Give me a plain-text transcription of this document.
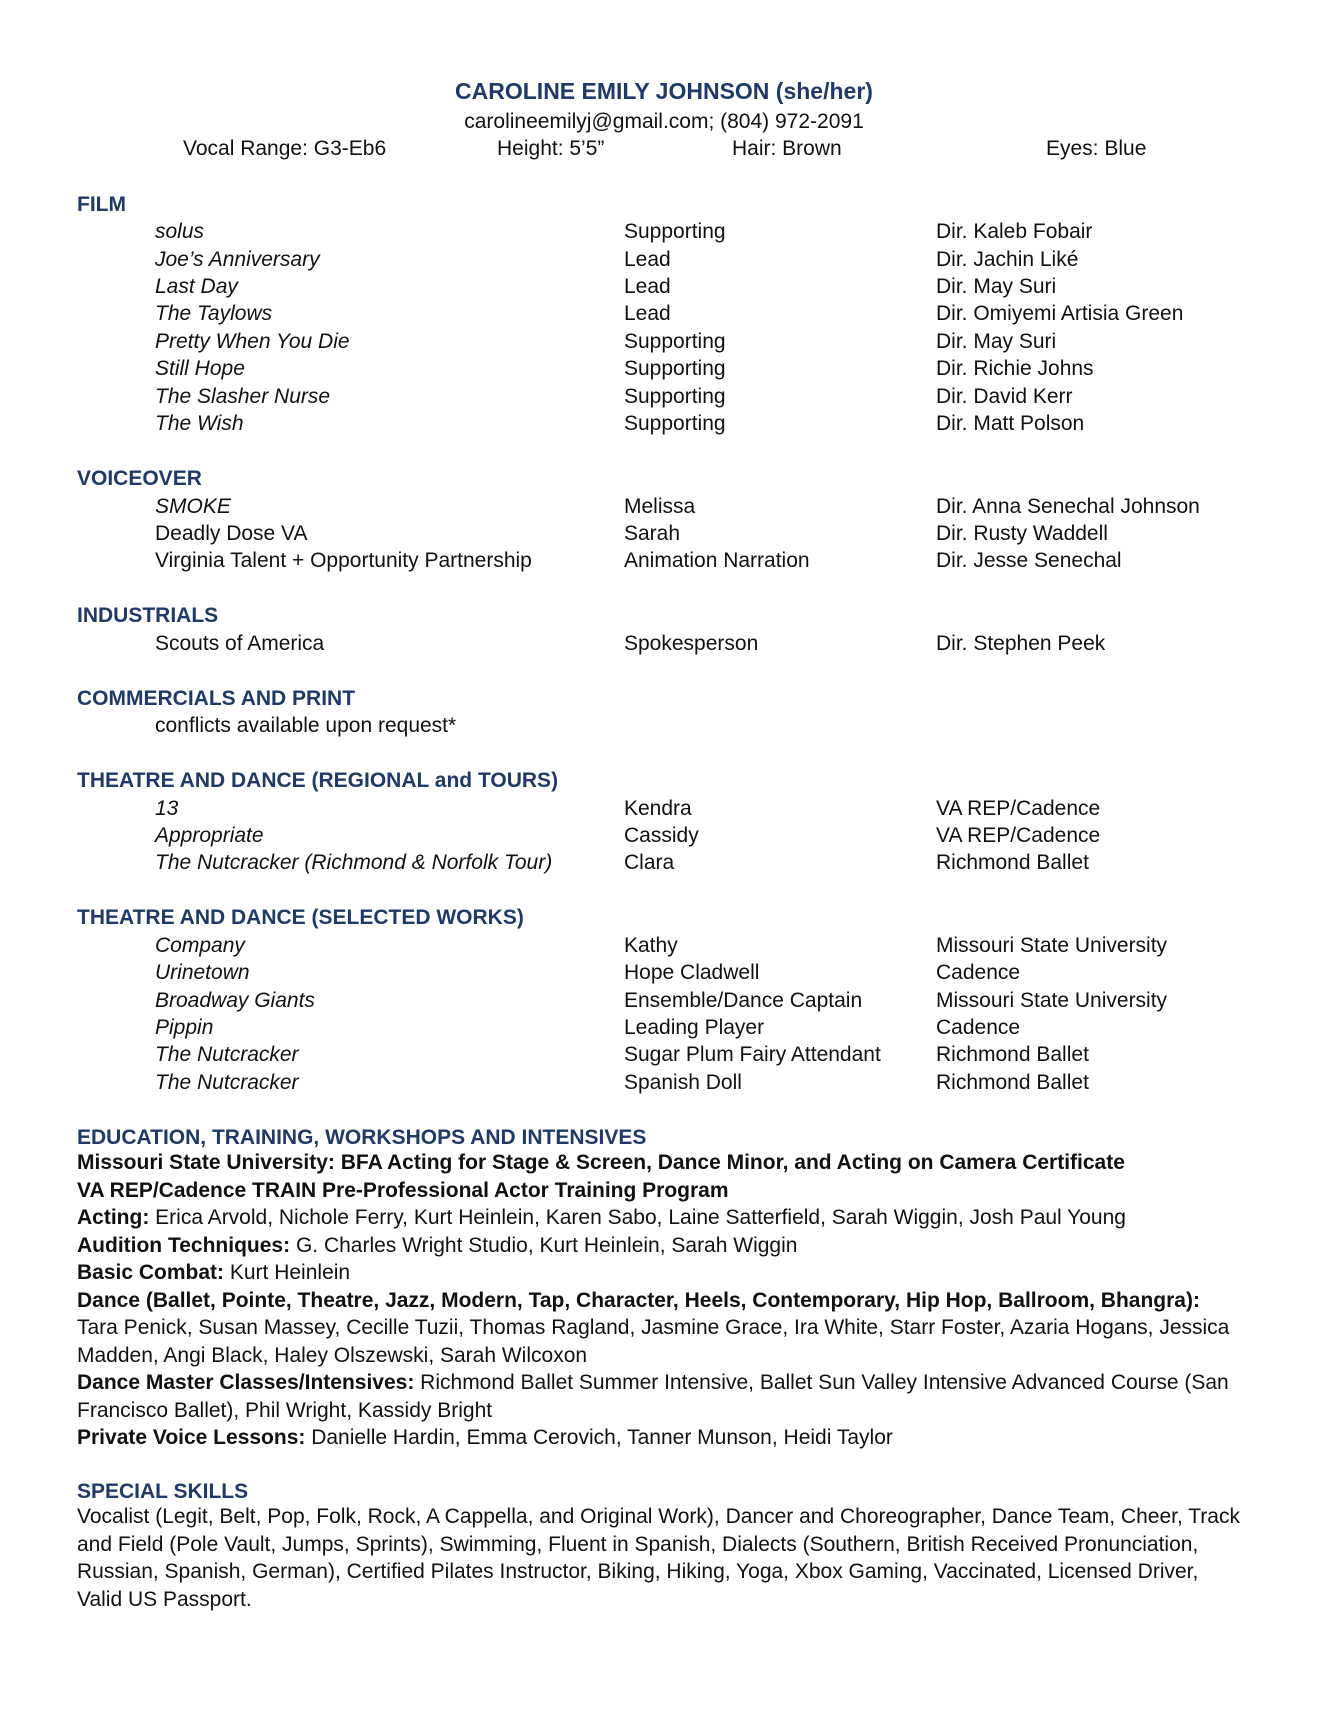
CAROLINE EMILY JOHNSON (she/her)
carolineemilyj@gmail.com; (804) 972-2091
Vocal Range: G3-Eb6	Height: 5’5”	Hair: Brown	Eyes: Blue
FILM
solus	Supporting	Dir. Kaleb Fobair
Joe’s Anniversary	Lead	Dir. Jachin Liké
Last Day	Lead	Dir. May Suri
The Taylows	Lead	Dir. Omiyemi Artisia Green
Pretty When You Die	Supporting	Dir. May Suri
Still Hope	Supporting	Dir. Richie Johns
The Slasher Nurse	Supporting	Dir. David Kerr
The Wish	Supporting	Dir. Matt Polson
VOICEOVER
SMOKE	Melissa	Dir. Anna Senechal Johnson
Deadly Dose VA	Sarah	Dir. Rusty Waddell
Virginia Talent + Opportunity Partnership	Animation Narration	Dir. Jesse Senechal
INDUSTRIALS
Scouts of America	Spokesperson	Dir. Stephen Peek
COMMERCIALS AND PRINT
conflicts available upon request*
THEATRE AND DANCE (REGIONAL and TOURS)
13	Kendra	VA REP/Cadence
Appropriate	Cassidy	VA REP/Cadence
The Nutcracker (Richmond & Norfolk Tour)	Clara	Richmond Ballet
THEATRE AND DANCE (SELECTED WORKS)
Company	Kathy	Missouri State University
Urinetown	Hope Cladwell	Cadence
Broadway Giants	Ensemble/Dance Captain	Missouri State University
Pippin	Leading Player	Cadence
The Nutcracker	Sugar Plum Fairy Attendant	Richmond Ballet
The Nutcracker	Spanish Doll	Richmond Ballet
EDUCATION, TRAINING, WORKSHOPS AND INTENSIVES

Missouri State University: BFA Acting for Stage & Screen, Dance Minor, and Acting on Camera Certificate

VA REP/Cadence TRAIN Pre-Professional Actor Training Program

Acting: Erica Arvold, Nichole Ferry, Kurt Heinlein, Karen Sabo, Laine Satterfield, Sarah Wiggin, Josh Paul Young

Audition Techniques: G. Charles Wright Studio, Kurt Heinlein, Sarah Wiggin

Basic Combat: Kurt Heinlein

Dance (Ballet, Pointe, Theatre, Jazz, Modern, Tap, Character, Heels, Contemporary, Hip Hop, Ballroom, Bhangra):

Tara Penick, Susan Massey, Cecille Tuzii, Thomas Ragland, Jasmine Grace, Ira White, Starr Foster, Azaria Hogans, Jessica Madden, Angi Black, Haley Olszewski, Sarah Wilcoxon

Dance Master Classes/Intensives: Richmond Ballet Summer Intensive, Ballet Sun Valley Intensive Advanced Course (San Francisco Ballet), Phil Wright, Kassidy Bright

Private Voice Lessons: Danielle Hardin, Emma Cerovich, Tanner Munson, Heidi Taylor

SPECIAL SKILLS
Vocalist (Legit, Belt, Pop, Folk, Rock, A Cappella, and Original Work), Dancer and Choreographer, Dance Team, Cheer, Track and Field (Pole Vault, Jumps, Sprints), Swimming, Fluent in Spanish, Dialects (Southern, British Received Pronunciation, Russian, Spanish, German), Certified Pilates Instructor, Biking, Hiking, Yoga, Xbox Gaming, Vaccinated, Licensed Driver, Valid US Passport.
